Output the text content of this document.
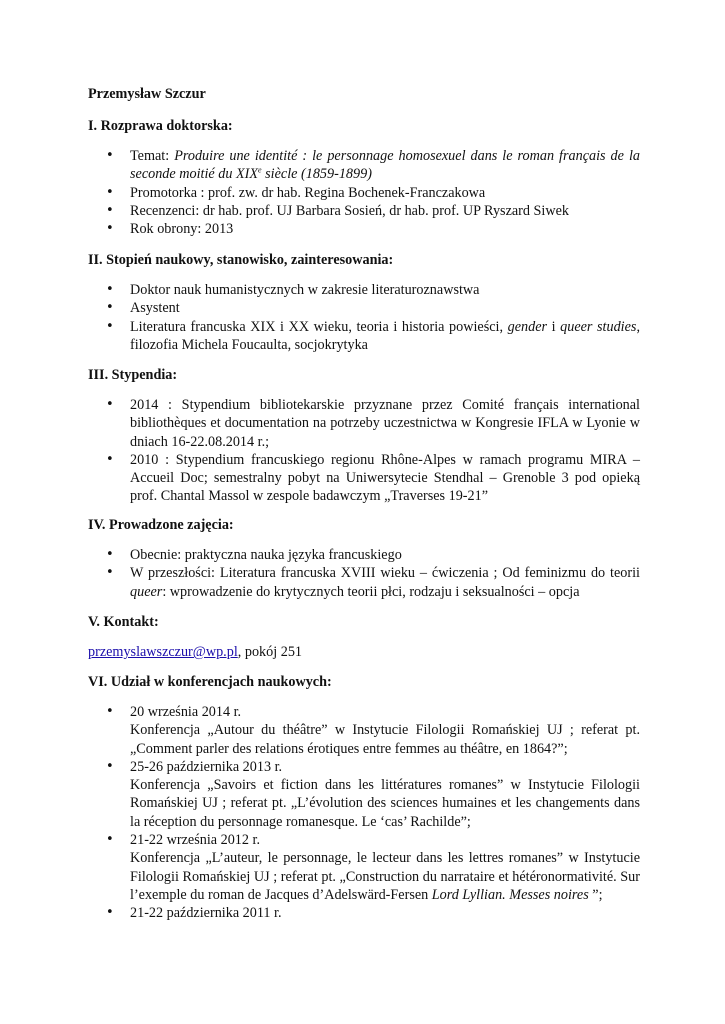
Przemysław Szczur
I. Rozprawa doktorska:
• Temat: Produire une identité : le personnage homosexuel dans le roman français de la seconde moitié du XIXe siècle (1859-1899)
• Promotorka : prof. zw. dr hab. Regina Bochenek-Franczakowa
• Recenzenci: dr hab. prof. UJ Barbara Sosień, dr hab. prof. UP Ryszard Siwek
• Rok obrony: 2013
II. Stopień naukowy, stanowisko, zainteresowania:
• Doktor nauk humanistycznych w zakresie literaturoznawstwa
• Asystent
• Literatura francuska XIX i XX wieku, teoria i historia powieści, gender i queer studies, filozofia Michela Foucaulta, socjokrytyka
III. Stypendia:
• 2014 : Stypendium bibliotekarskie przyznane przez Comité français international bibliothèques et documentation na potrzeby uczestnictwa w Kongresie IFLA w Lyonie w dniach 16-22.08.2014 r.;
• 2010 : Stypendium francuskiego regionu Rhône-Alpes w ramach programu MIRA – Accueil Doc; semestralny pobyt na Uniwersytecie Stendhal – Grenoble 3 pod opieką prof. Chantal Massol w zespole badawczym „Traverses 19-21”
IV. Prowadzone zajęcia:
• Obecnie: praktyczna nauka języka francuskiego
• W przeszłości: Literatura francuska XVIII wieku – ćwiczenia ; Od feminizmu do teorii queer: wprowadzenie do krytycznych teorii płci, rodzaju i seksualności – opcja
V. Kontakt:
przemyslawszczur@wp.pl, pokój 251
VI. Udział w konferencjach naukowych:
• 20 września 2014 r.
Konferencja „Autour du théâtre” w Instytucie Filologii Romańskiej UJ ; referat pt. „Comment parler des relations érotiques entre femmes au théâtre, en 1864?”;
• 25-26 października 2013 r.
Konferencja „Savoirs et fiction dans les littératures romanes” w Instytucie Filologii Romańskiej UJ ; referat pt. „L’évolution des sciences humaines et les changements dans la réception du personnage romanesque. Le ‘cas’ Rachilde”;
• 21-22 września 2012 r.
Konferencja „L’auteur, le personnage, le lecteur dans les lettres romanes” w Instytucie Filologii Romańskiej UJ ; referat pt. „Construction du narrataire et hétéronormativité. Sur l’exemple du roman de Jacques d’Adelswärd-Fersen Lord Lyllian. Messes noires ”;
• 21-22 października 2011 r.
